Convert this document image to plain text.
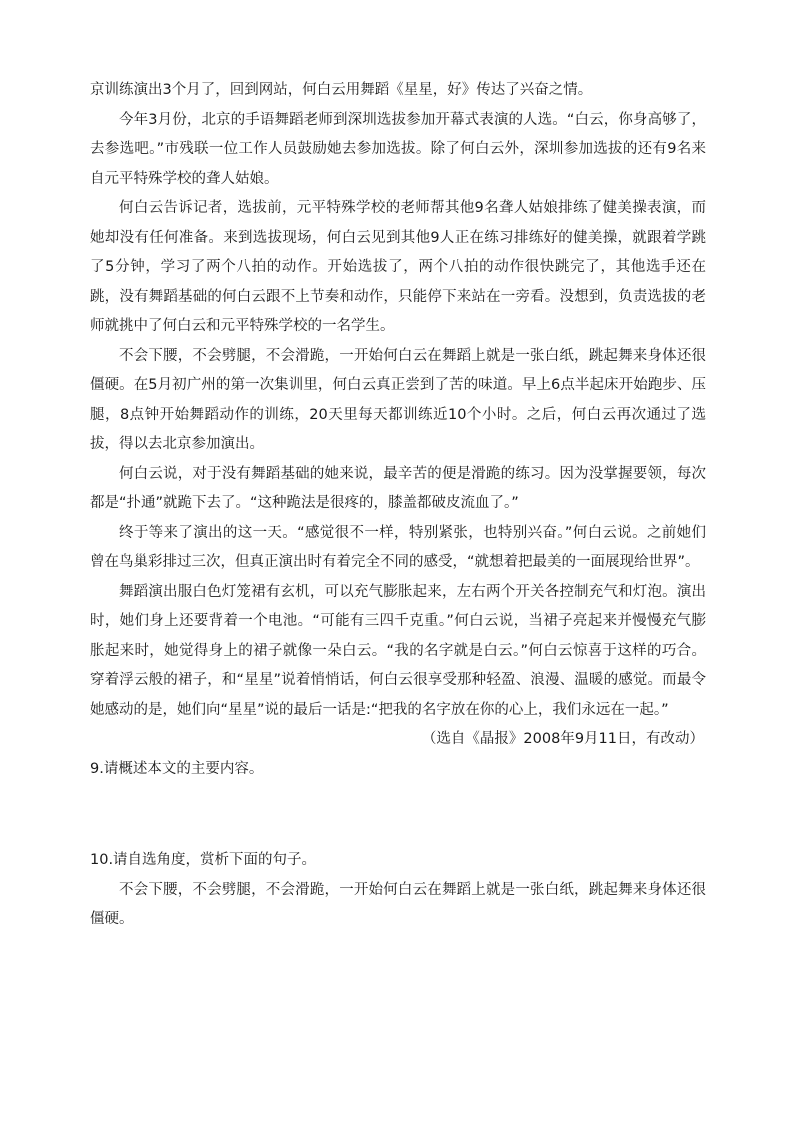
京训练演出3个月了，回到网站，何白云用舞蹈《星星，好》传达了兴奋之情。

今年3月份，北京的手语舞蹈老师到深圳选拔参加开幕式表演的人选。“白云，你身高够了，去参选吧。”市残联一位工作人员鼓励她去参加选拔。除了何白云外，深圳参加选拔的还有9名来自元平特殊学校的聋人姑娘。

何白云告诉记者，选拔前，元平特殊学校的老师帮其他9名聋人姑娘排练了健美操表演，而她却没有任何准备。来到选拔现场，何白云见到其他9人正在练习排练好的健美操，就跟着学跳了5分钟，学习了两个八拍的动作。开始选拔了，两个八拍的动作很快跳完了，其他选手还在跳，没有舞蹈基础的何白云跟不上节奏和动作，只能停下来站在一旁看。没想到，负责选拔的老师就挑中了何白云和元平特殊学校的一名学生。

不会下腰，不会劈腿，不会滑跪，一开始何白云在舞蹈上就是一张白纸，跳起舞来身体还很僵硬。在5月初广州的第一次集训里，何白云真正尝到了苦的味道。早上6点半起床开始跑步、压腿，8点钟开始舞蹈动作的训练，20天里每天都训练近10个小时。之后，何白云再次通过了选拔，得以去北京参加演出。

何白云说，对于没有舞蹈基础的她来说，最辛苦的便是滑跪的练习。因为没掌握要领，每次都是“扑通”就跪下去了。“这种跪法是很疼的，膝盖都破皮流血了。”

终于等来了演出的这一天。“感觉很不一样，特别紧张，也特别兴奋。”何白云说。之前她们曾在鸟巢彩排过三次，但真正演出时有着完全不同的感受，“就想着把最美的一面展现给世界”。

舞蹈演出服白色灯笼裙有玄机，可以充气膨胀起来，左右两个开关各控制充气和灯泡。演出时，她们身上还要背着一个电池。“可能有三四千克重。”何白云说，当裙子亮起来并慢慢充气膨胀起来时，她觉得身上的裙子就像一朵白云。“我的名字就是白云。”何白云惊喜于这样的巧合。穿着浮云般的裙子，和“星星”说着悄悄话，何白云很享受那种轻盈、浪漫、温暖的感觉。而最令她感动的是，她们向“星星”说的最后一话是:“把我的名字放在你的心上，我们永远在一起。”

（选自《晶报》2008年9月11日，有改动）

9.请概述本文的主要内容。

10.请自选角度，赏析下面的句子。

不会下腰，不会劈腿，不会滑跪，一开始何白云在舞蹈上就是一张白纸，跳起舞来身体还很僵硬。
